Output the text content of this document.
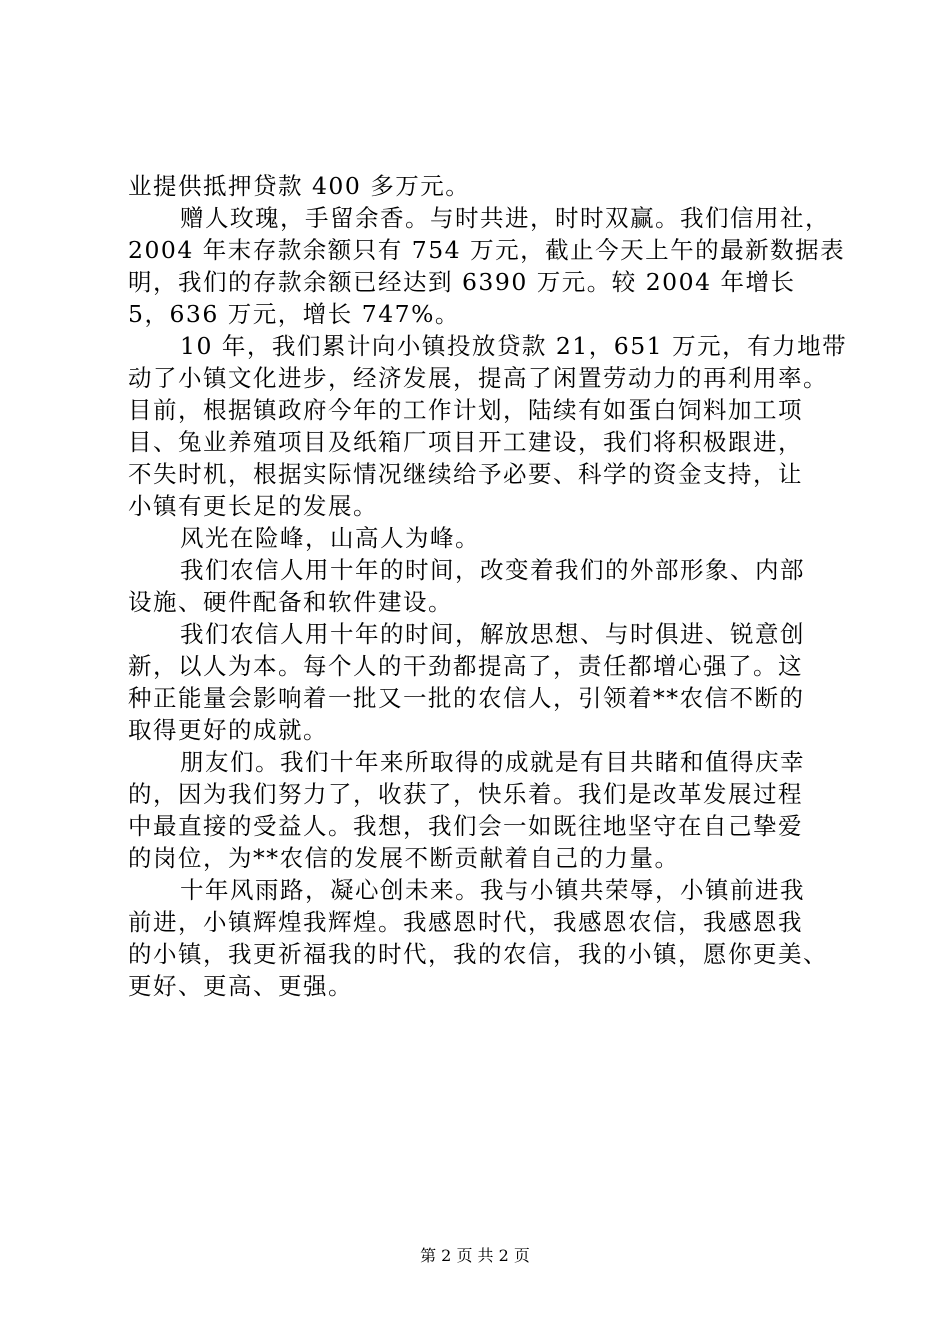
业提供抵押贷款 400 多万元。
赠人玫瑰，手留余香。与时共进，时时双赢。我们信用社，
2004 年末存款余额只有 754 万元，截止今天上午的最新数据表
明，我们的存款余额已经达到 6390 万元。较 2004 年增长
5，636 万元，增长 747%。
10 年，我们累计向小镇投放贷款 21，651 万元，有力地带
动了小镇文化进步，经济发展，提高了闲置劳动力的再利用率。
目前，根据镇政府今年的工作计划，陆续有如蛋白饲料加工项
目、兔业养殖项目及纸箱厂项目开工建设，我们将积极跟进，
不失时机，根据实际情况继续给予必要、科学的资金支持，让
小镇有更长足的发展。
风光在险峰，山高人为峰。
我们农信人用十年的时间，改变着我们的外部形象、内部
设施、硬件配备和软件建设。
我们农信人用十年的时间，解放思想、与时俱进、锐意创
新，以人为本。每个人的干劲都提高了，责任都增心强了。这
种正能量会影响着一批又一批的农信人，引领着**农信不断的
取得更好的成就。
朋友们。我们十年来所取得的成就是有目共睹和值得庆幸
的，因为我们努力了，收获了，快乐着。我们是改革发展过程
中最直接的受益人。我想，我们会一如既往地坚守在自己挚爱
的岗位，为**农信的发展不断贡献着自己的力量。
十年风雨路，凝心创未来。我与小镇共荣辱，小镇前进我
前进，小镇辉煌我辉煌。我感恩时代，我感恩农信，我感恩我
的小镇，我更祈福我的时代，我的农信，我的小镇，愿你更美、
更好、更高、更强。
第 2 页 共 2 页
